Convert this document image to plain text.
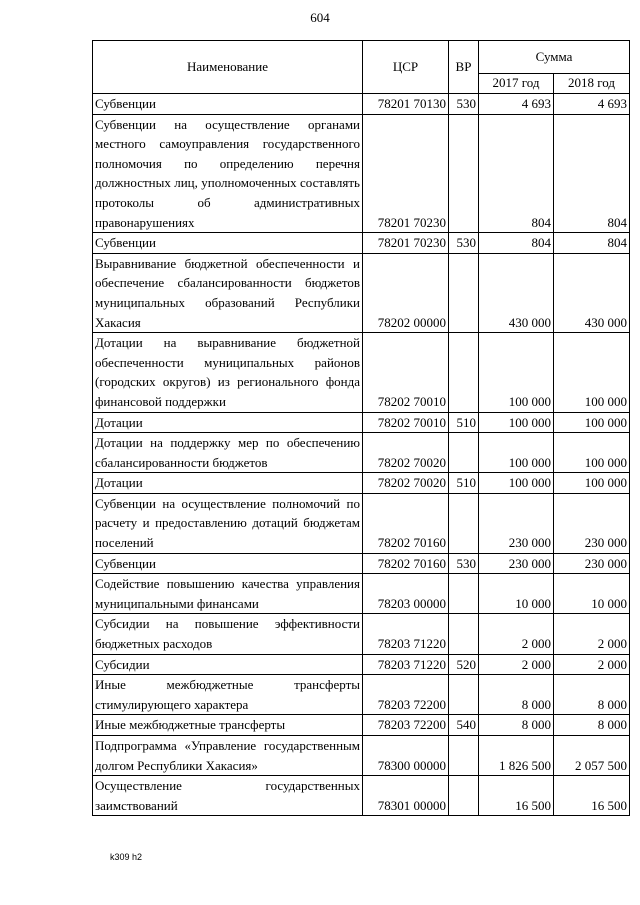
604
Наименование	ЦСР	ВР	Сумма	
			2017 год	2018 год
Субвенции	78201 70130	530	4 693	4 693
Субвенции на осуществление органами местного самоуправления государственного полномочия по определению перечня должностных лиц, уполномоченных составлять протоколы об административных правонарушениях	78201 70230		804	804
Субвенции	78201 70230	530	804	804
Выравнивание бюджетной обеспеченности и обеспечение сбалансированности бюджетов муниципальных образований Республики Хакасия	78202 00000		430 000	430 000
Дотации на выравнивание бюджетной обеспеченности муниципальных районов (городских округов) из регионального фонда финансовой поддержки	78202 70010		100 000	100 000
Дотации	78202 70010	510	100 000	100 000
Дотации на поддержку мер по обеспечению сбалансированности бюджетов	78202 70020		100 000	100 000
Дотации	78202 70020	510	100 000	100 000
Субвенции на осуществление полномочий по расчету и предоставлению дотаций бюджетам поселений	78202 70160		230 000	230 000
Субвенции	78202 70160	530	230 000	230 000
Содействие повышению качества управления муниципальными финансами	78203 00000		10 000	10 000
Субсидии на повышение эффективности бюджетных расходов	78203 71220		2 000	2 000
Субсидии	78203 71220	520	2 000	2 000
Иные межбюджетные трансферты стимулирующего характера	78203 72200		8 000	8 000
Иные межбюджетные трансферты	78203 72200	540	8 000	8 000
Подпрограмма «Управление государственным долгом Республики Хакасия»	78300 00000		1 826 500	2 057 500
Осуществление государственных заимствований	78301 00000		16 500	16 500
k309 h2
